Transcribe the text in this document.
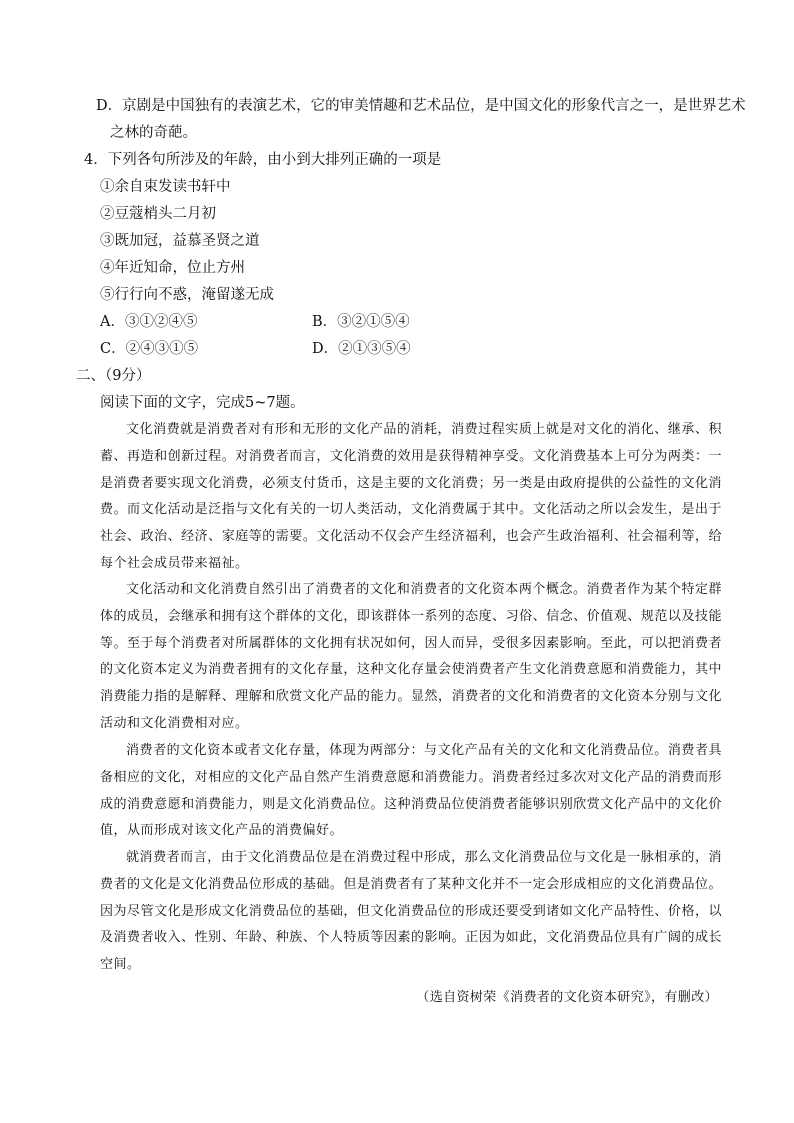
D．京剧是中国独有的表演艺术，它的审美情趣和艺术品位，是中国文化的形象代言之一，是世界艺术
之林的奇葩。
4．下列各句所涉及的年龄，由小到大排列正确的一项是
①余自束发读书轩中
②豆蔻梢头二月初
③既加冠，益慕圣贤之道
④年近知命，位止方州
⑤行行向不惑，淹留遂无成
A．③①②④⑤	B．③②①⑤④
C．②④③①⑤	D．②①③⑤④
二、（9分）
阅读下面的文字，完成5~7题。
文化消费就是消费者对有形和无形的文化产品的消耗，消费过程实质上就是对文化的消化、继承、积蓄、再造和创新过程。对消费者而言，文化消费的效用是获得精神享受。文化消费基本上可分为两类：一是消费者要实现文化消费，必须支付货币，这是主要的文化消费；另一类是由政府提供的公益性的文化消费。而文化活动是泛指与文化有关的一切人类活动，文化消费属于其中。文化活动之所以会发生，是出于社会、政治、经济、家庭等的需要。文化活动不仅会产生经济福利，也会产生政治福利、社会福利等，给每个社会成员带来福祉。
文化活动和文化消费自然引出了消费者的文化和消费者的文化资本两个概念。消费者作为某个特定群体的成员，会继承和拥有这个群体的文化，即该群体一系列的态度、习俗、信念、价值观、规范以及技能等。至于每个消费者对所属群体的文化拥有状况如何，因人而异，受很多因素影响。至此，可以把消费者的文化资本定义为消费者拥有的文化存量，这种文化存量会使消费者产生文化消费意愿和消费能力，其中消费能力指的是解释、理解和欣赏文化产品的能力。显然，消费者的文化和消费者的文化资本分别与文化活动和文化消费相对应。
消费者的文化资本或者文化存量，体现为两部分：与文化产品有关的文化和文化消费品位。消费者具备相应的文化，对相应的文化产品自然产生消费意愿和消费能力。消费者经过多次对文化产品的消费而形成的消费意愿和消费能力，则是文化消费品位。这种消费品位使消费者能够识别欣赏文化产品中的文化价值，从而形成对该文化产品的消费偏好。
就消费者而言，由于文化消费品位是在消费过程中形成，那么文化消费品位与文化是一脉相承的，消费者的文化是文化消费品位形成的基础。但是消费者有了某种文化并不一定会形成相应的文化消费品位。因为尽管文化是形成文化消费品位的基础，但文化消费品位的形成还要受到诸如文化产品特性、价格，以及消费者收入、性别、年龄、种族、个人特质等因素的影响。正因为如此，文化消费品位具有广阔的成长空间。
（选自资树荣《消费者的文化资本研究》，有删改）
